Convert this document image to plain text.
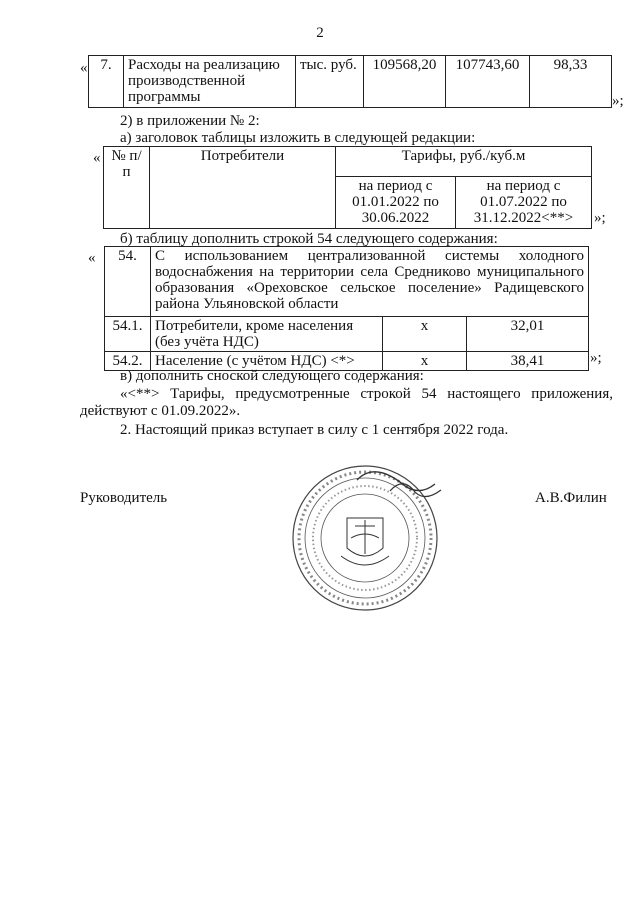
2
« 7.	Расходы на реализацию производственной программы	тыс. руб.	109568,20	107743,60	98,33
»;
2) в приложении № 2:
а) заголовок таблицы изложить в следующей редакции:
« № п/п	Потребители	Тарифы, руб./куб.м	
		на период с 01.01.2022 по 30.06.2022	на период с 01.07.2022 по 31.12.2022<**> »;
б) таблицу дополнить строкой 54 следующего содержания:
« 54.	С использованием централизованной системы холодного водоснабжения на территории села Средниково муниципального образования «Ореховское сельское поселение» Радищевского района Ульяновской области		
54.1.	Потребители, кроме населения (без учёта НДС)	x	32,01
54.2.	Население (с учётом НДС) <*>	x	38,41	»;
в) дополнить сноской следующего содержания:
«<**> Тарифы, предусмотренные строкой 54 настоящего приложения, действуют с 01.09.2022».
2. Настоящий приказ вступает в силу с 1 сентября 2022 года.
Руководитель	А.В.Филин
